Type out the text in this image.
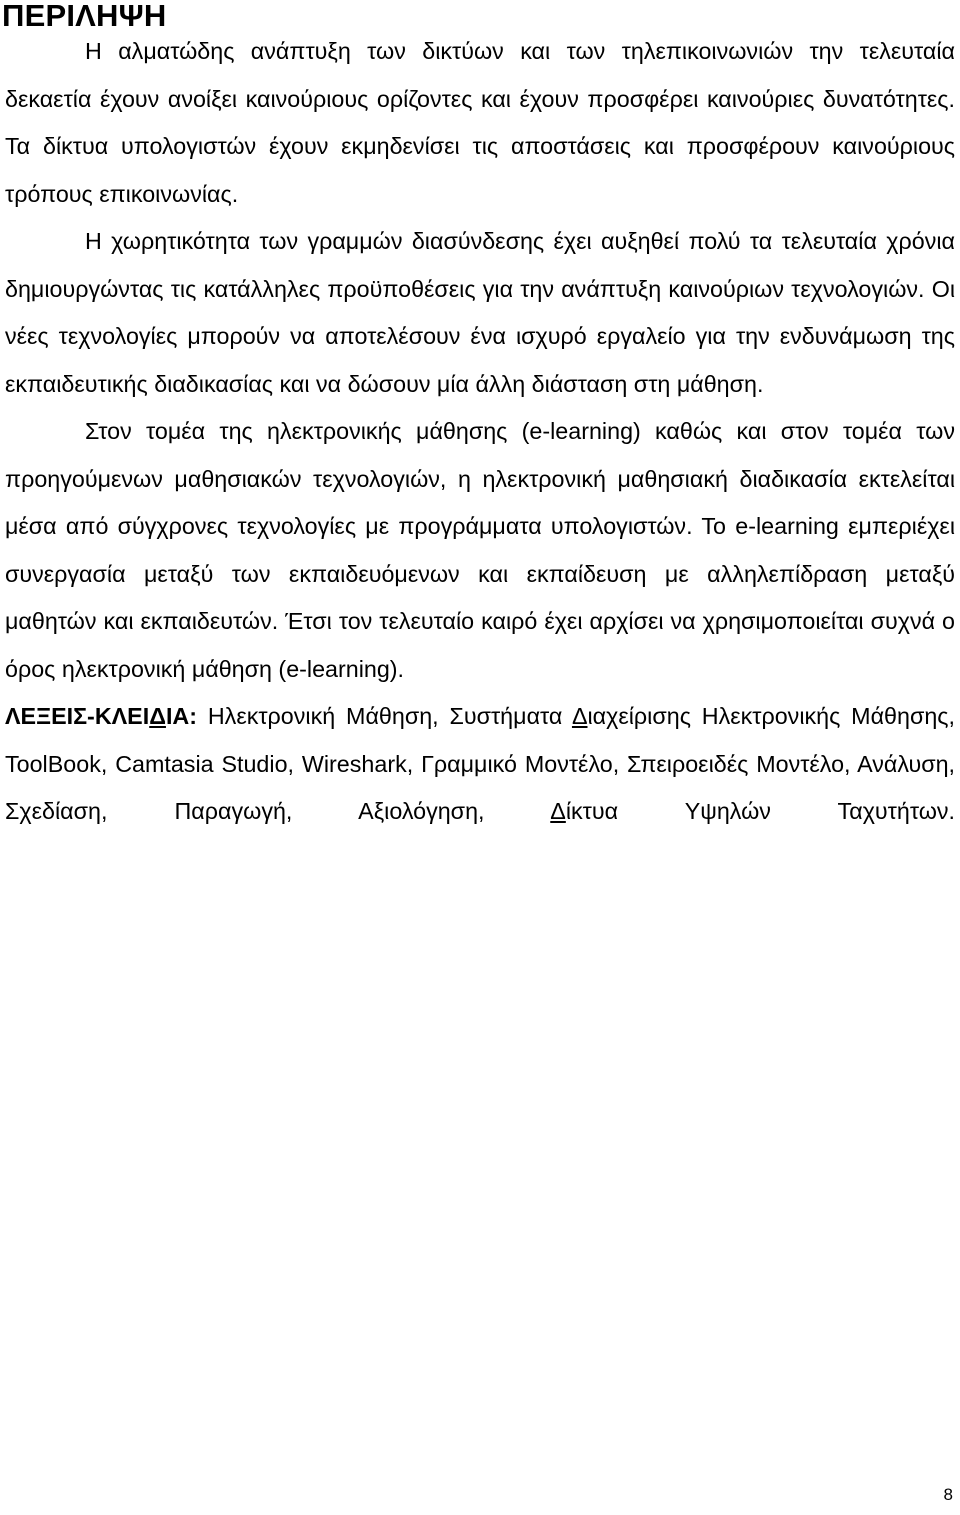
ΠΕΡΙΛΗΨΗ

Η αλματώδης ανάπτυξη των δικτύων και των τηλεπικοινωνιών την τελευταία δεκαετία έχουν ανοίξει καινούριους ορίζοντες και έχουν προσφέρει καινούριες δυνατότητες. Τα δίκτυα υπολογιστών έχουν εκμηδενίσει τις αποστάσεις και προσφέρουν καινούριους τρόπους επικοινωνίας.

Η χωρητικότητα των γραμμών διασύνδεσης έχει αυξηθεί πολύ τα τελευταία χρόνια δημιουργώντας τις κατάλληλες προϋποθέσεις για την ανάπτυξη καινούριων τεχνολογιών. Οι νέες τεχνολογίες μπορούν να αποτελέσουν ένα ισχυρό εργαλείο για την ενδυνάμωση της εκπαιδευτικής διαδικασίας και να δώσουν μία άλλη διάσταση στη μάθηση.

Στον τομέα της ηλεκτρονικής μάθησης (e-learning) καθώς και στον τομέα των προηγούμενων μαθησιακών τεχνολογιών, η ηλεκτρονική μαθησιακή διαδικασία εκτελείται μέσα από σύγχρονες τεχνολογίες με προγράμματα υπολογιστών. Το e-learning εμπεριέχει συνεργασία μεταξύ των εκπαιδευόμενων και εκπαίδευση με αλληλεπίδραση μεταξύ μαθητών και εκπαιδευτών. Έτσι τον τελευταίο καιρό έχει αρχίσει να χρησιμοποιείται συχνά ο όρος ηλεκτρονική μάθηση (e-learning).

ΛΕΞΕΙΣ-ΚΛΕΙΔΙΑ: Ηλεκτρονική Μάθηση, Συστήματα Διαχείρισης Ηλεκτρονικής Μάθησης, ToolBook, Camtasia Studio, Wireshark, Γραμμικό Μοντέλο, Σπειροειδές Μοντέλο, Ανάλυση, Σχεδίαση, Παραγωγή, Αξιολόγηση, Δίκτυα Υψηλών Ταχυτήτων.

8
